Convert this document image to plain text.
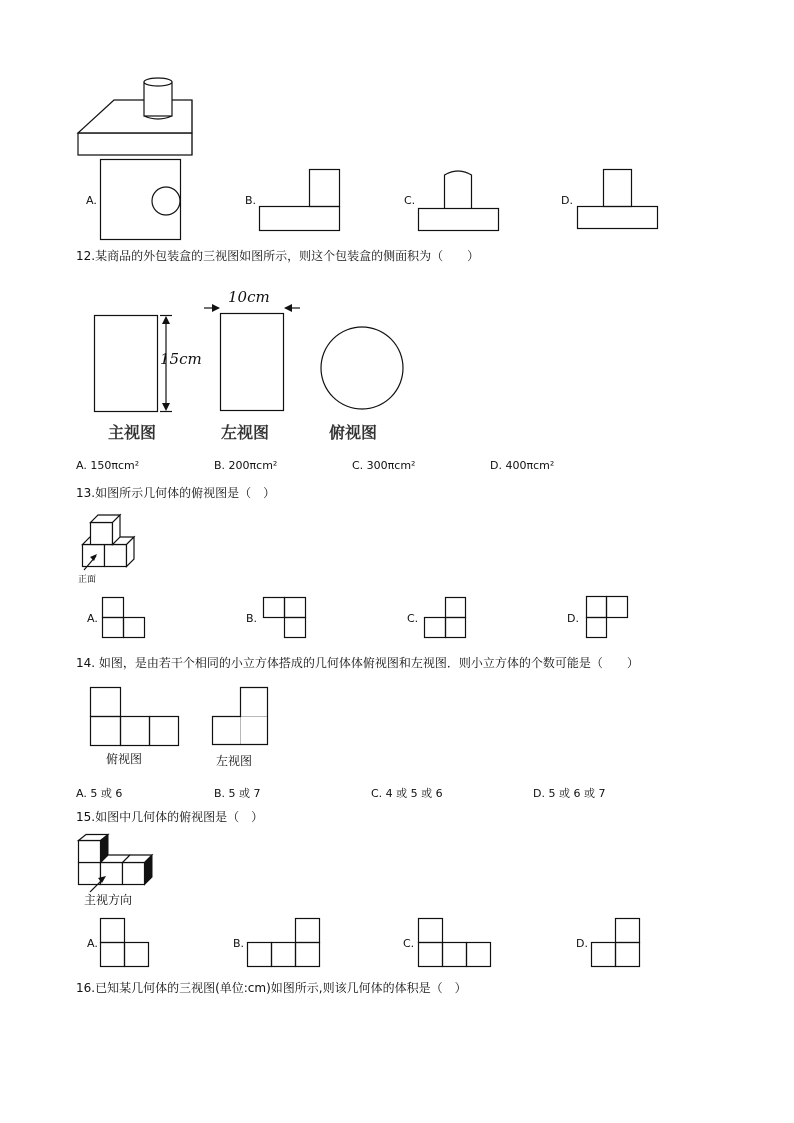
A.	B.	C.	D.
12.某商品的外包装盒的三视图如图所示，则这个包装盒的侧面积为（　　）
15cm
10cm
主视图	左视图	俯视图
A. 150πcm²	B. 200πcm²	C. 300πcm²	D. 400πcm²
13.如图所示几何体的俯视图是（　）
正面
A.	B.	C.	D.
14. 如图，是由若干个相同的小立方体搭成的几何体体俯视图和左视图．则小立方体的个数可能是（　　）
俯视图	左视图
A. 5 或 6	B. 5 或 7	C. 4 或 5 或 6	D. 5 或 6 或 7
15.如图中几何体的俯视图是（　）
主视方向
A.	B.	C.	D.
16.已知某几何体的三视图(单位:cm)如图所示,则该几何体的体积是（　）
